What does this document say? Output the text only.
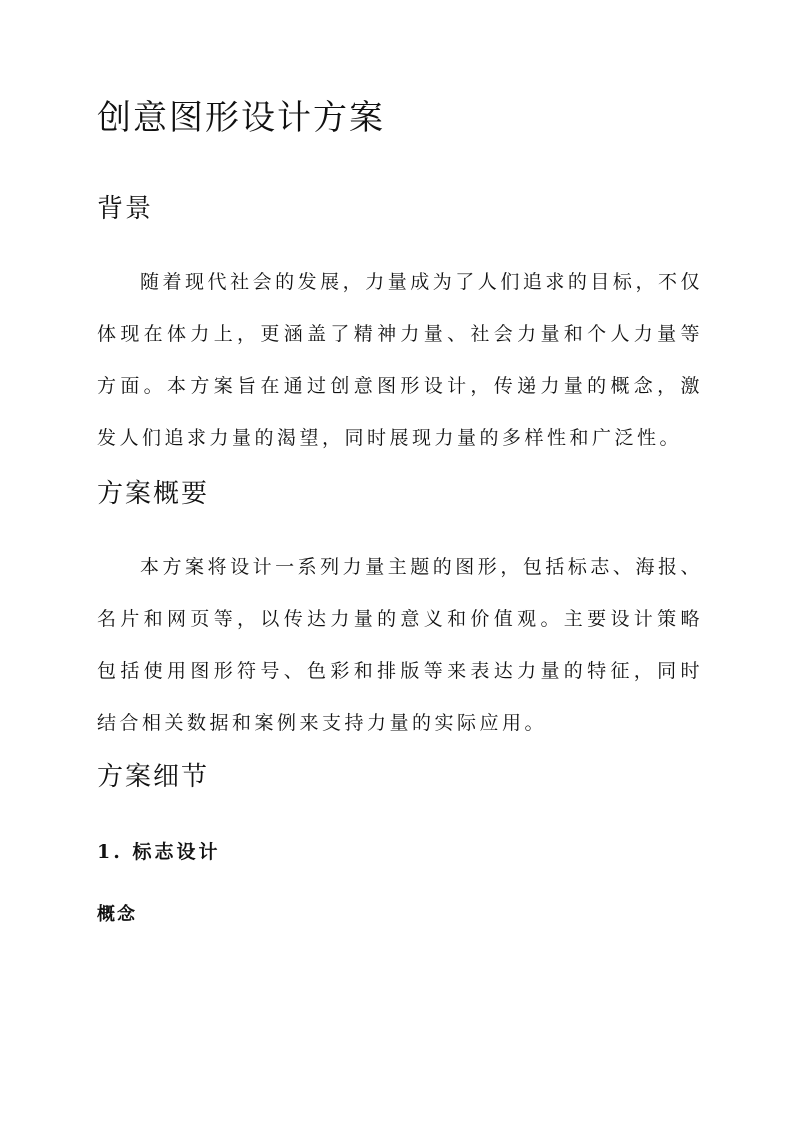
创意图形设计方案
背景

随着现代社会的发展，力量成为了人们追求的目标，不仅体现在体力上，更涵盖了精神力量、社会力量和个人力量等方面。本方案旨在通过创意图形设计，传递力量的概念，激发人们追求力量的渴望，同时展现力量的多样性和广泛性。

方案概要

本方案将设计一系列力量主题的图形，包括标志、海报、名片和网页等，以传达力量的意义和价值观。主要设计策略包括使用图形符号、色彩和排版等来表达力量的特征，同时结合相关数据和案例来支持力量的实际应用。

方案细节
1. 标志设计
概念
